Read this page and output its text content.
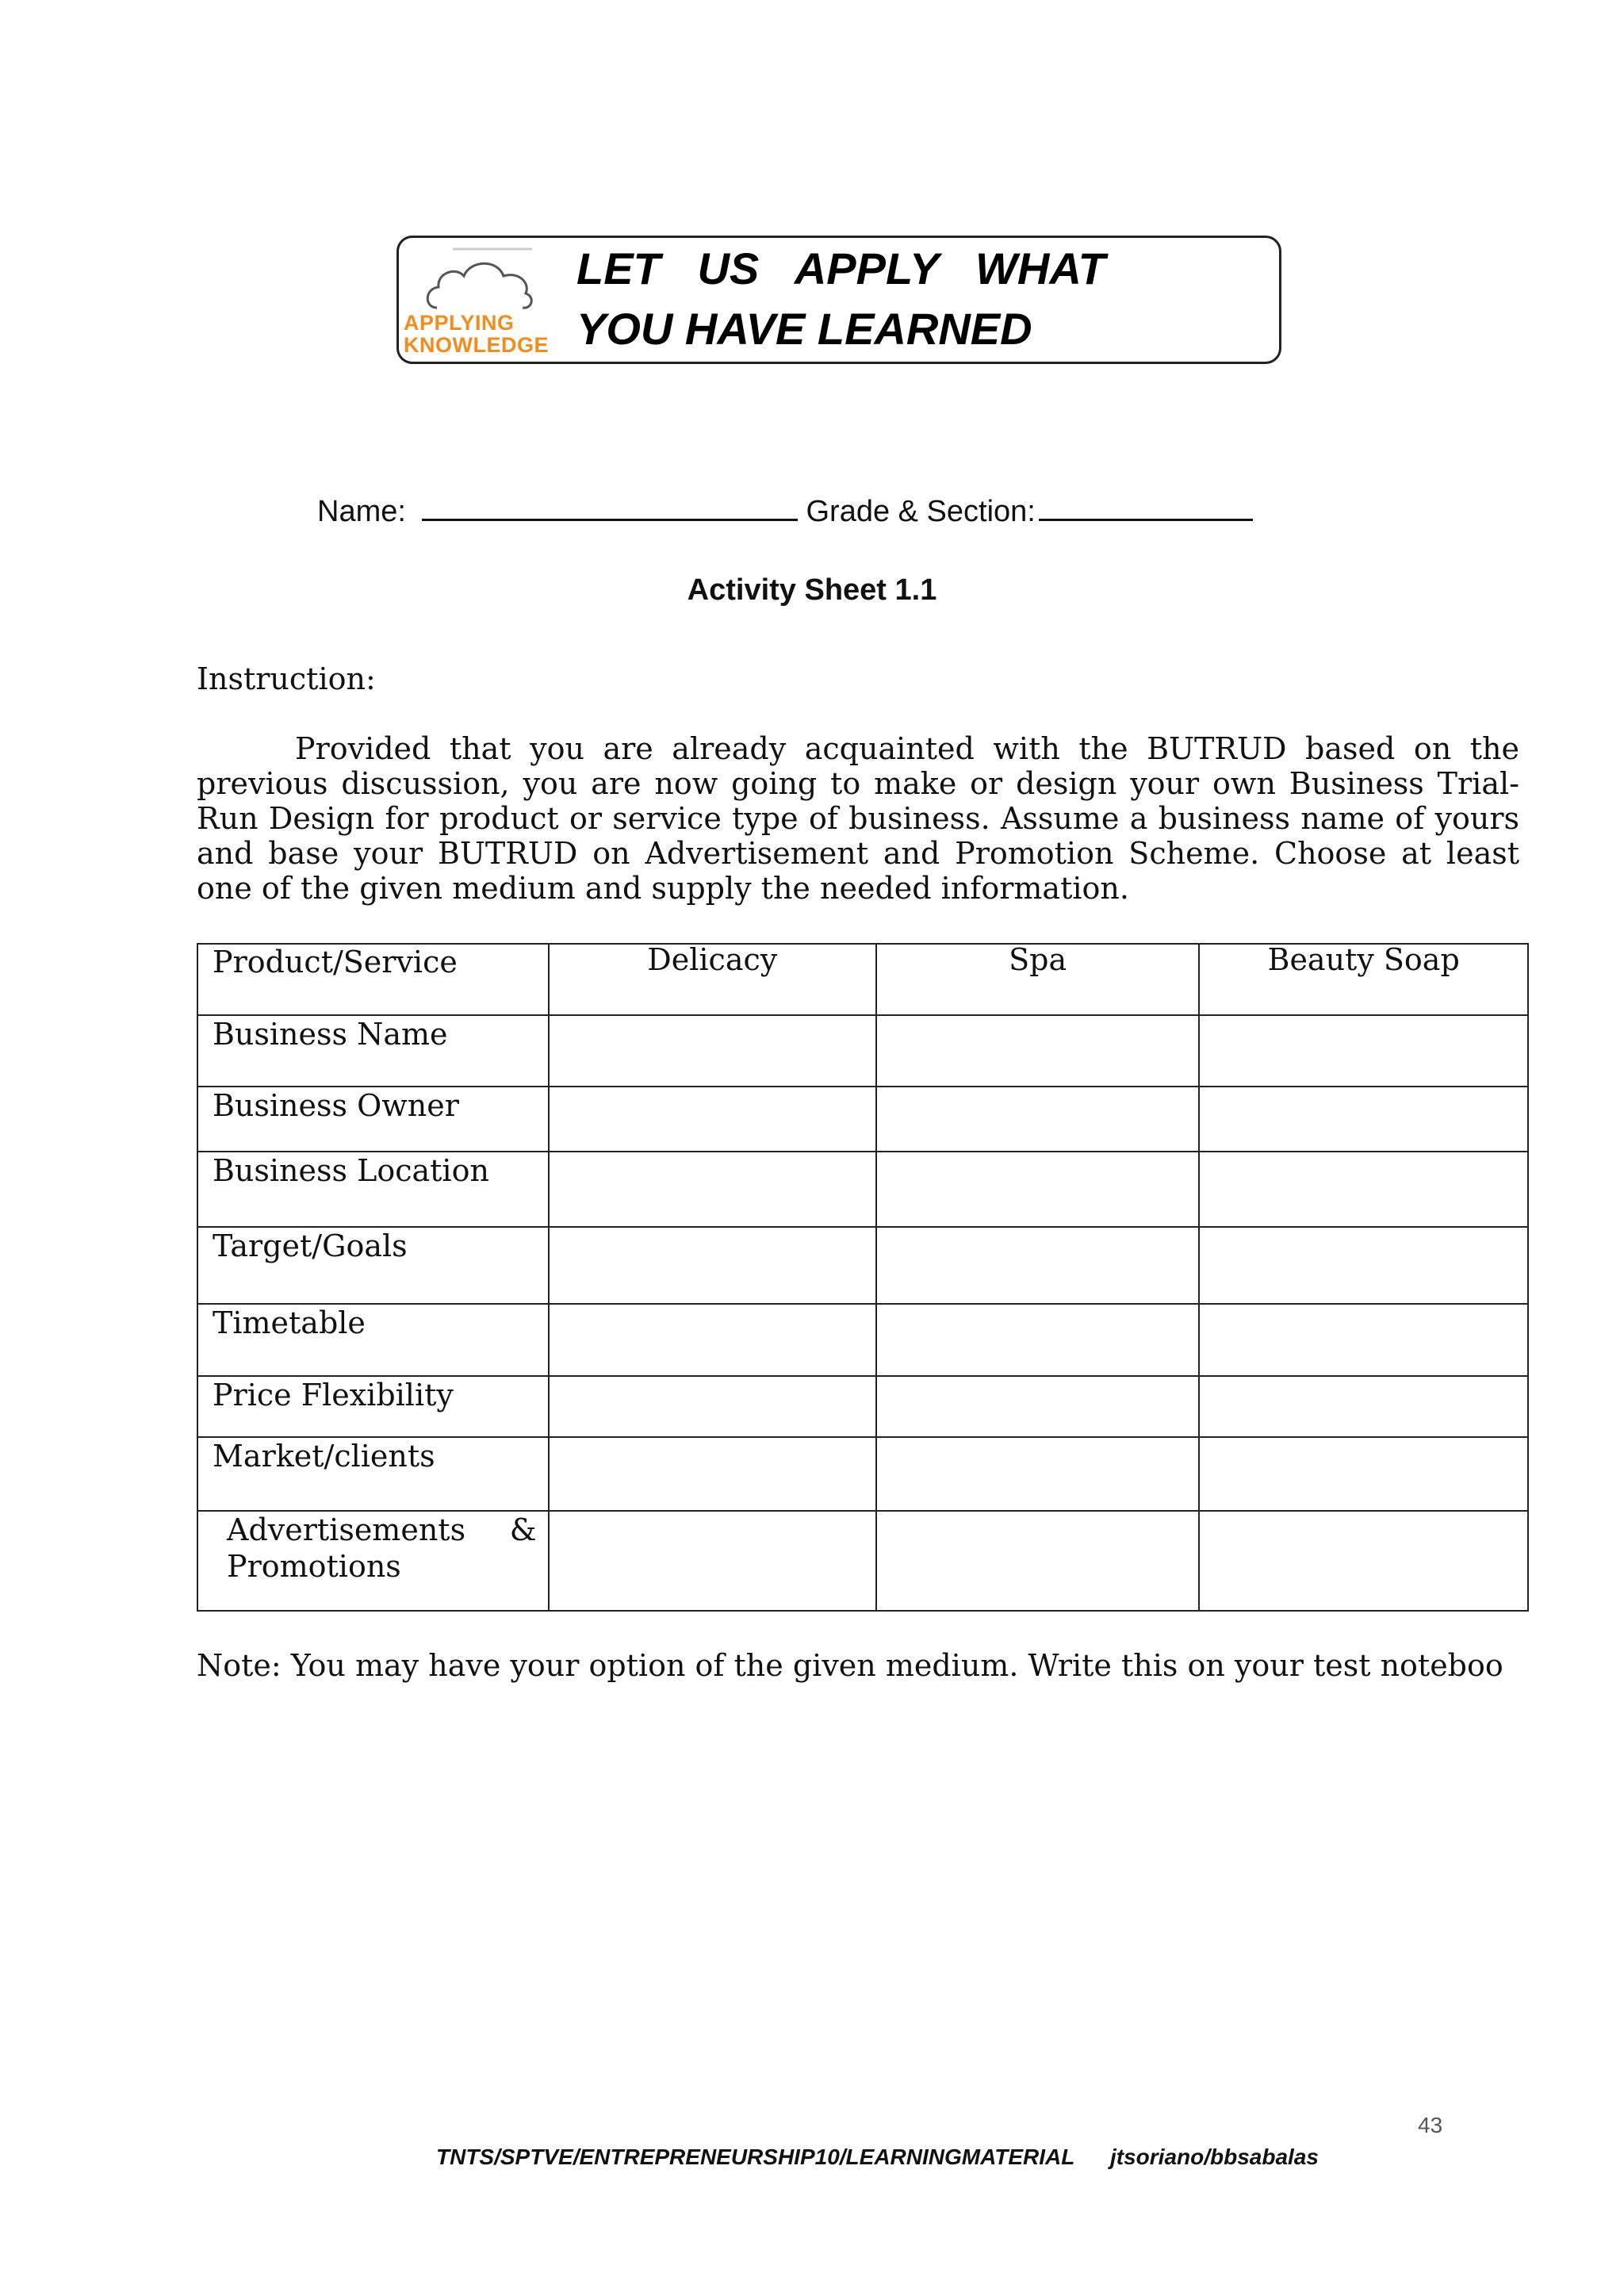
APPLYING
KNOWLEDGE
LET   US   APPLY   WHAT
YOU HAVE LEARNED
Name:	Grade & Section:
Activity Sheet 1.1
Instruction:

Provided that you are already acquainted with the BUTRUD based on the previous discussion, you are now going to make or design your own Business Trial-Run Design for product or service type of business. Assume a business name of yours and base your BUTRUD on Advertisement and Promotion Scheme. Choose at least one of the given medium and supply the needed information.

Product/Service	Delicacy	Spa	Beauty Soap
Business Name			
Business Owner			
Business Location			
Target/Goals			
Timetable			
Price Flexibility			
Market/clients			

Advertisements &
Promotions			

Note: You may have your option of the given medium. Write this on your test noteboo
43
TNTS/SPTVE/ENTREPRENEURSHIP10/LEARNINGMATERIAL jtsoriano/bbsabalas
